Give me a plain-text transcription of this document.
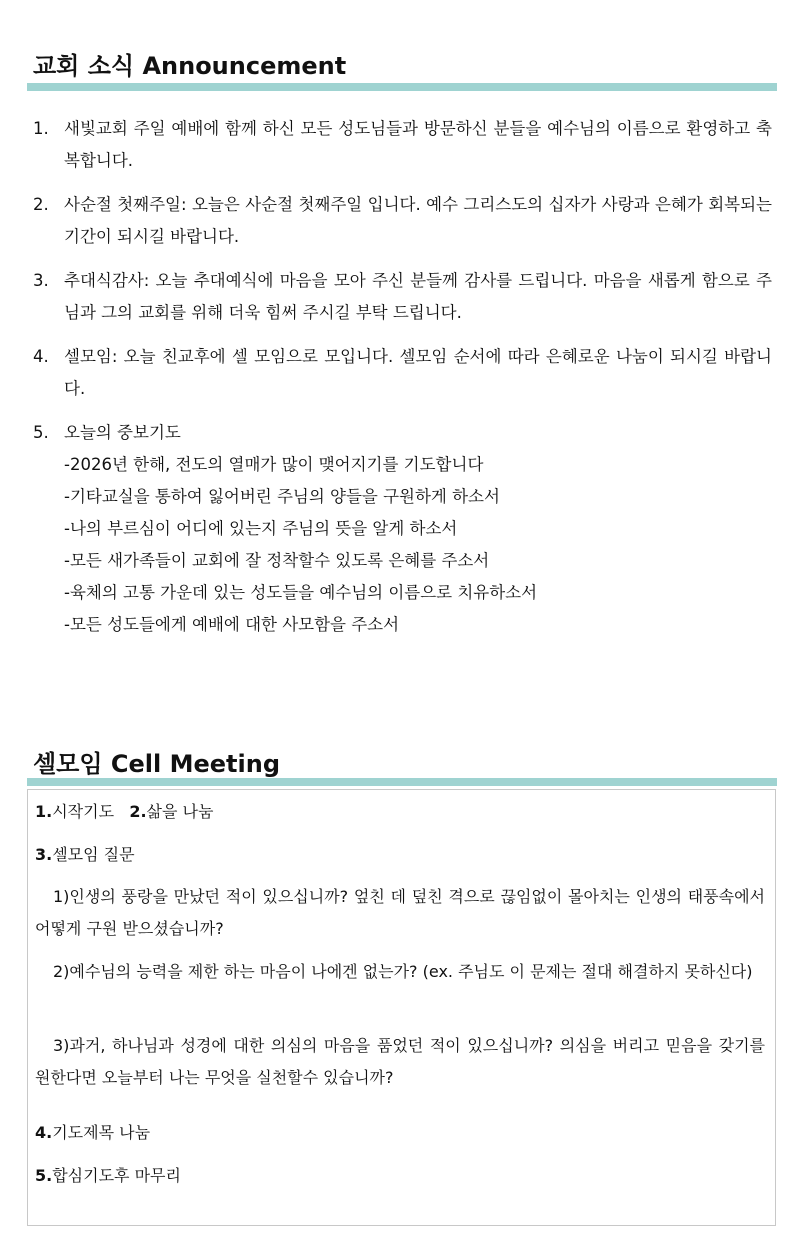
교회 소식 Announcement
1. 새빛교회 주일 예배에 함께 하신 모든 성도님들과 방문하신 분들을 예수님의 이름으로 환영하고 축복합니다.
2. 사순절 첫째주일: 오늘은 사순절 첫째주일 입니다. 예수 그리스도의 십자가 사랑과 은혜가 회복되는 기간이 되시길 바랍니다.
3. 추대식감사: 오늘 추대예식에 마음을 모아 주신 분들께 감사를 드립니다. 마음을 새롭게 함으로 주님과 그의 교회를 위해 더욱 힘써 주시길 부탁 드립니다.
4. 셀모임: 오늘 친교후에 셀 모임으로 모입니다. 셀모임 순서에 따라 은혜로운 나눔이 되시길 바랍니다.
5. 오늘의 중보기도
-2026년 한해, 전도의 열매가 많이 맺어지기를 기도합니다
-기타교실을 통하여 잃어버린 주님의 양들을 구원하게 하소서
-나의 부르심이 어디에 있는지 주님의 뜻을 알게 하소서
-모든 새가족들이 교회에 잘 정착할수 있도록 은혜를 주소서
-육체의 고통 가운데 있는 성도들을 예수님의 이름으로 치유하소서
-모든 성도들에게 예배에 대한 사모함을 주소서
셀모임 Cell Meeting
1.시작기도 2.삶을 나눔
3.셀모임 질문
1)인생의 풍랑을 만났던 적이 있으십니까? 엎친 데 덮친 격으로 끊임없이 몰아치는 인생의 태풍속에서 어떻게 구원 받으셨습니까?
2)예수님의 능력을 제한 하는 마음이 나에겐 없는가? (ex. 주님도 이 문제는 절대 해결하지 못하신다)
3)과거, 하나님과 성경에 대한 의심의 마음을 품었던 적이 있으십니까? 의심을 버리고 믿음을 갖기를 원한다면 오늘부터 나는 무엇을 실천할수 있습니까?
4.기도제목 나눔
5.합심기도후 마무리
